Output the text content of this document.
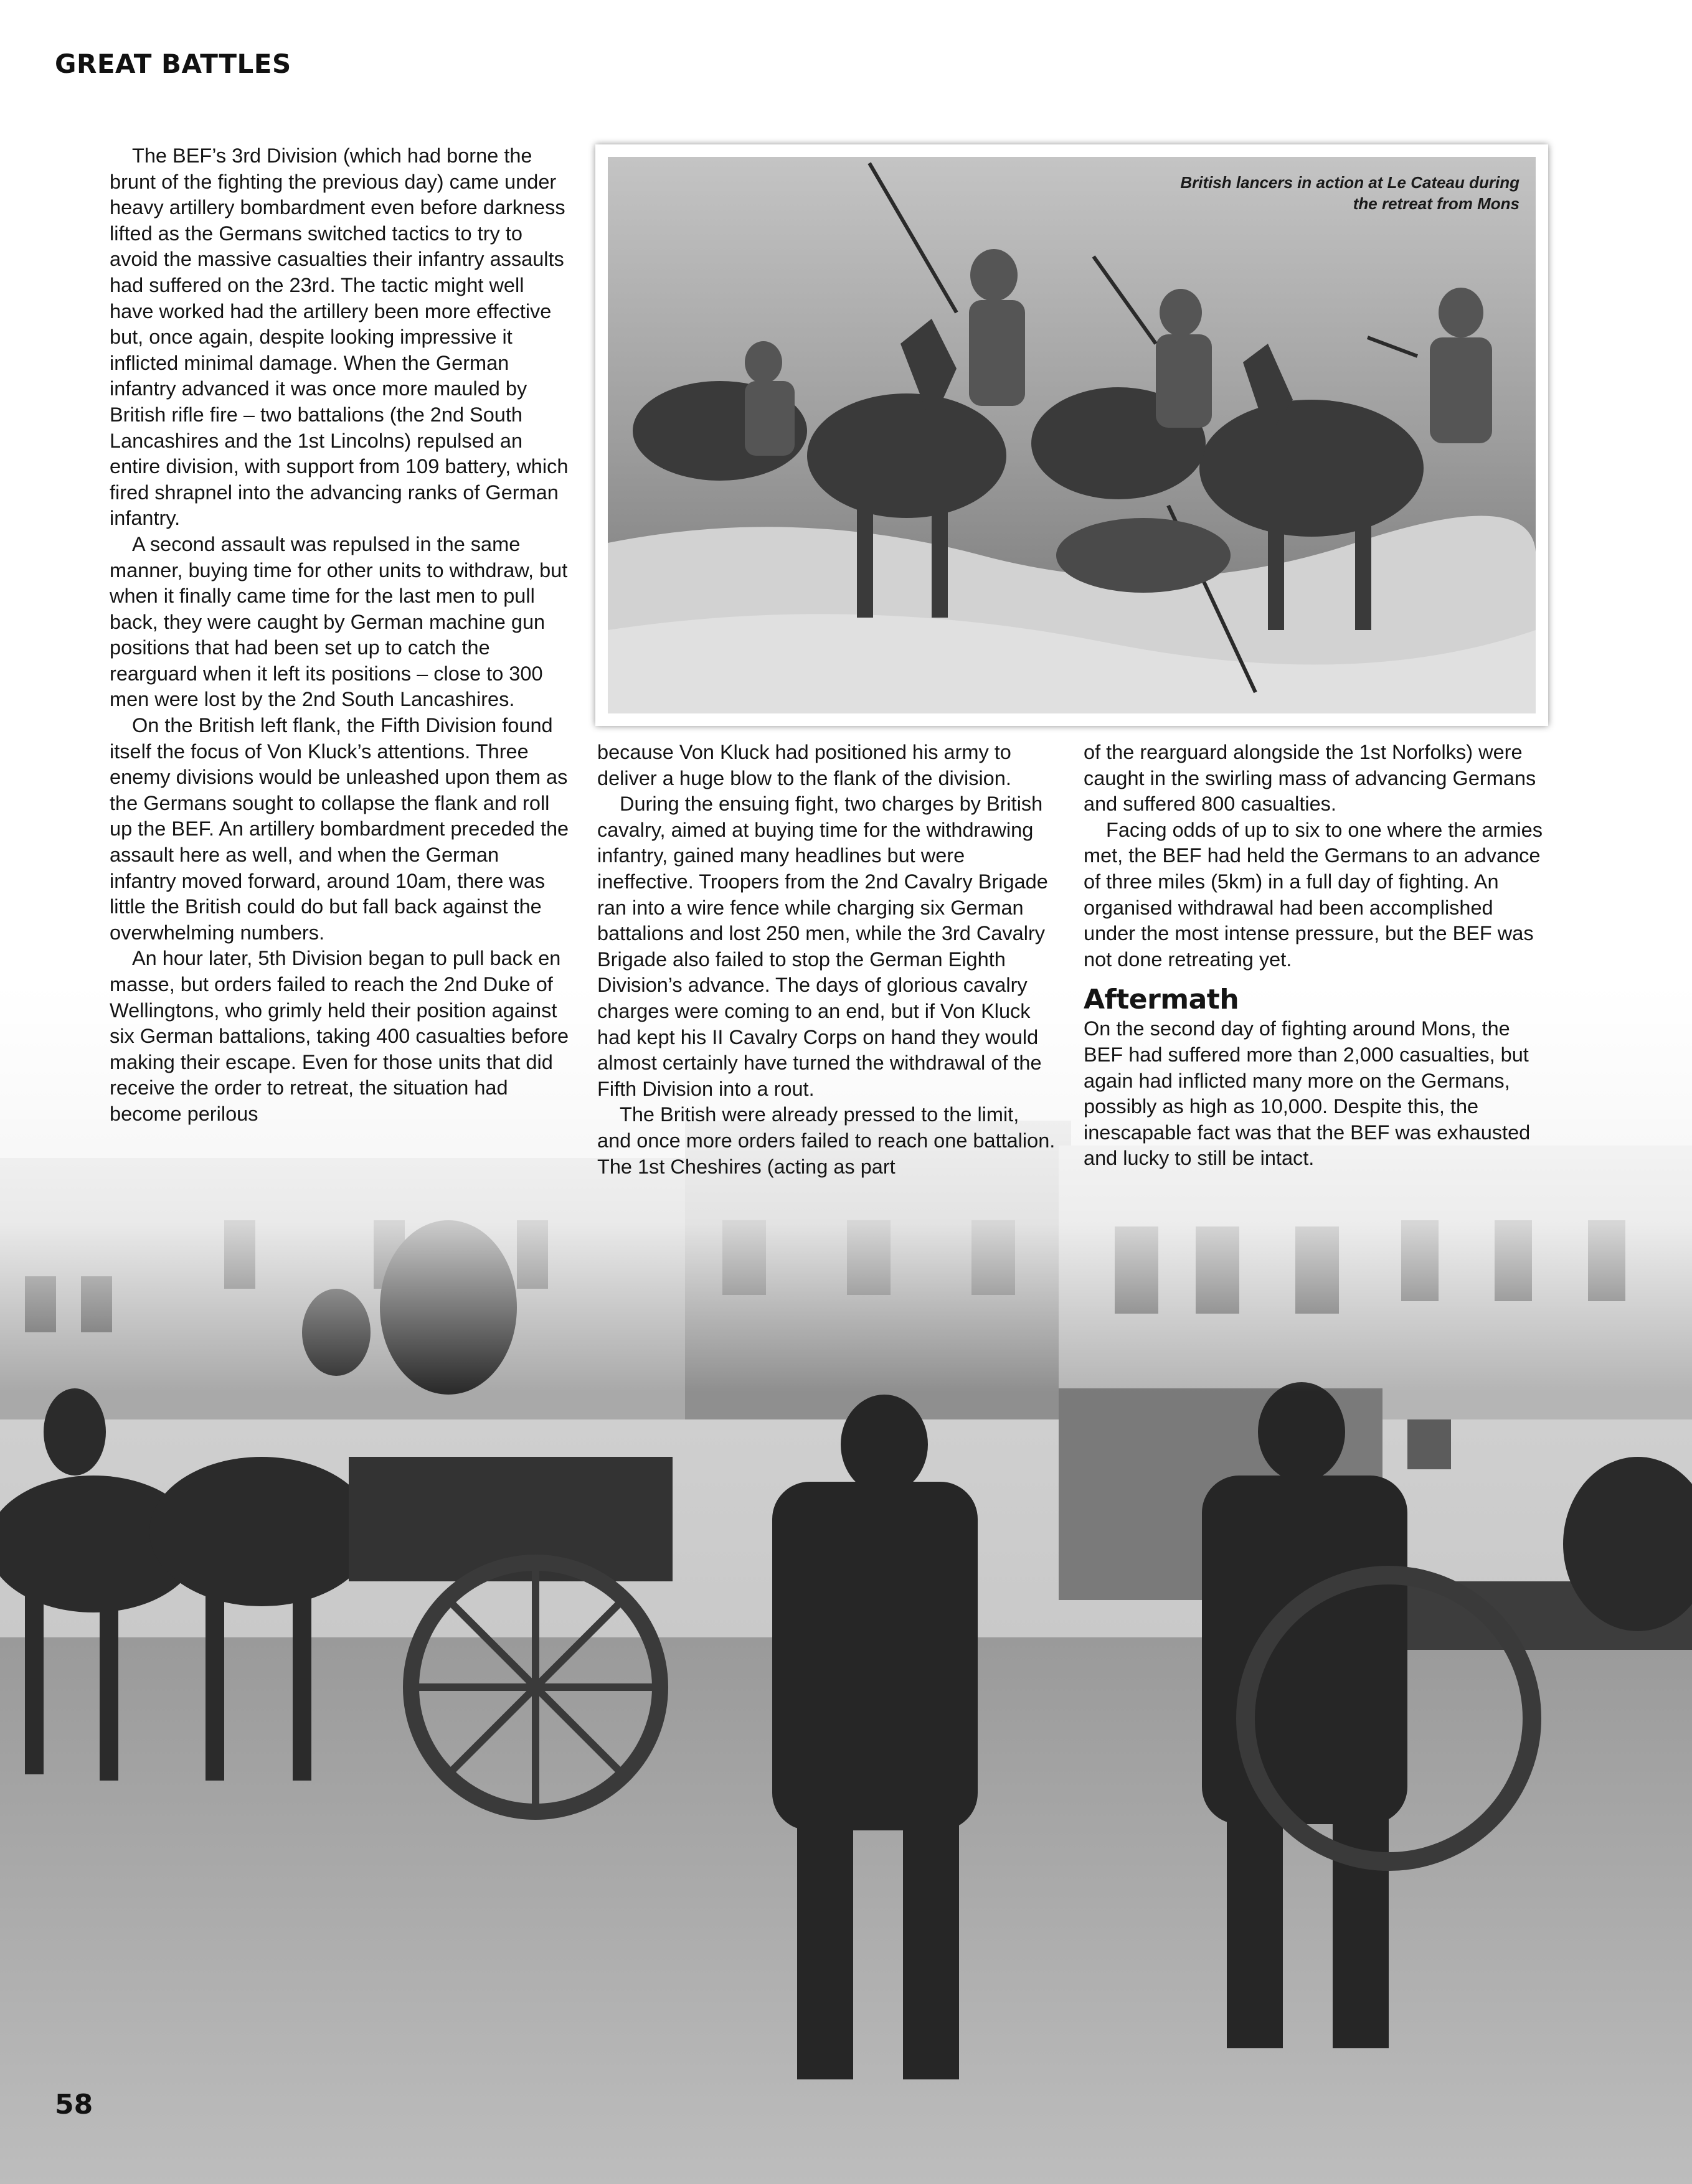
GREAT BATTLES

The BEF’s 3rd Division (which had borne the brunt of the fighting the previous day) came under heavy artillery bombardment even before darkness lifted as the Germans switched tactics to try to avoid the massive casualties their infantry assaults had suffered on the 23rd. The tactic might well have worked had the artillery been more effective but, once again, despite looking impressive it inflicted minimal damage. When the German infantry advanced it was once more mauled by British rifle fire – two battalions (the 2nd South Lancashires and the 1st Lincolns) repulsed an entire division, with support from 109 battery, which fired shrapnel into the advancing ranks of German infantry.

A second assault was repulsed in the same manner, buying time for other units to withdraw, but when it finally came time for the last men to pull back, they were caught by German machine gun positions that had been set up to catch the rearguard when it left its positions – close to 300 men were lost by the 2nd South Lancashires.

On the British left flank, the Fifth Division found itself the focus of Von Kluck’s attentions. Three enemy divisions would be unleashed upon them as the Germans sought to collapse the flank and roll up the BEF. An artillery bombardment preceded the assault here as well, and when the German infantry moved forward, around 10am, there was little the British could do but fall back against the overwhelming numbers.

An hour later, 5th Division began to pull back en masse, but orders failed to reach the 2nd Duke of Wellingtons, who grimly held their position against six German battalions, taking 400 casualties before making their escape. Even for those units that did receive the order to retreat, the situation had become perilous

British lancers in action at Le Cateau during the retreat from Mons

because Von Kluck had positioned his army to deliver a huge blow to the flank of the division.

During the ensuing fight, two charges by British cavalry, aimed at buying time for the withdrawing infantry, gained many headlines but were ineffective. Troopers from the 2nd Cavalry Brigade ran into a wire fence while charging six German battalions and lost 250 men, while the 3rd Cavalry Brigade also failed to stop the German Eighth Division’s advance. The days of glorious cavalry charges were coming to an end, but if Von Kluck had kept his II Cavalry Corps on hand they would almost certainly have turned the withdrawal of the Fifth Division into a rout.

The British were already pressed to the limit, and once more orders failed to reach one battalion. The 1st Cheshires (acting as part

of the rearguard alongside the 1st Norfolks) were caught in the swirling mass of advancing Germans and suffered 800 casualties.

Facing odds of up to six to one where the armies met, the BEF had held the Germans to an advance of three miles (5km) in a full day of fighting. An organised withdrawal had been accomplished under the most intense pressure, but the BEF was not done retreating yet.

Aftermath

On the second day of fighting around Mons, the BEF had suffered more than 2,000 casualties, but again had inflicted many more on the Germans, possibly as high as 10,000. Despite this, the inescapable fact was that the BEF was exhausted and lucky to still be intact.

58
